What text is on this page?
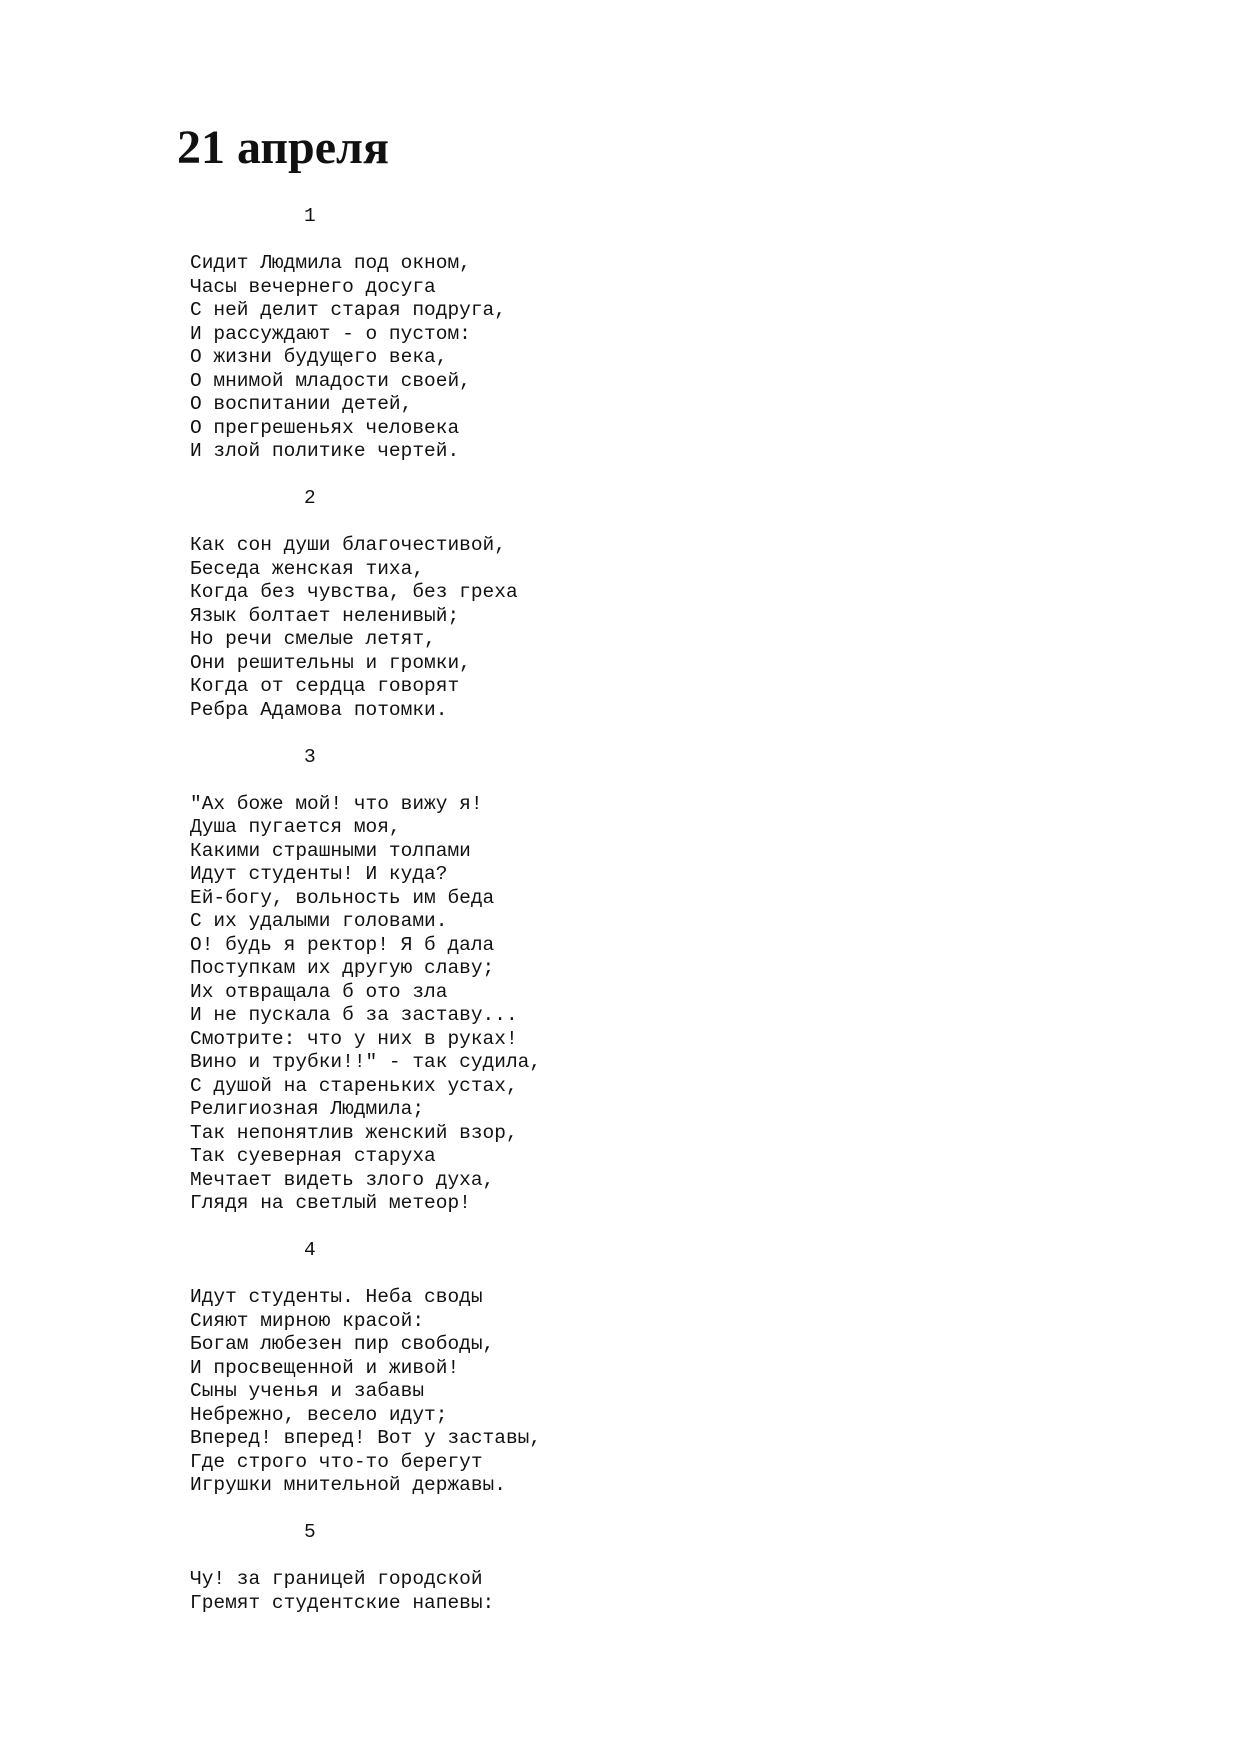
21 апреля
1
Сидит Людмила под окном,
Часы вечернего досуга
С ней делит старая подруга,
И рассуждают - о пустом:
О жизни будущего века,
О мнимой младости своей,
О воспитании детей,
О прегрешеньях человека
И злой политике чертей.
2
Как сон души благочестивой,
Беседа женская тиха,
Когда без чувства, без греха
Язык болтает неленивый;
Но речи смелые летят,
Они решительны и громки,
Когда от сердца говорят
Ребра Адамова потомки.
3
"Ах боже мой! что вижу я!
Душа пугается моя,
Какими страшными толпами
Идут студенты! И куда?
Ей-богу, вольность им беда
С их удалыми головами.
О! будь я ректор! Я б дала
Поступкам их другую славу;
Их отвращала б ото зла
И не пускала б за заставу...
Смотрите: что у них в руках!
Вино и трубки!!" - так судила,
С душой на стареньких устах,
Религиозная Людмила;
Так непонятлив женский взор,
Так суеверная старуха
Мечтает видеть злого духа,
Глядя на светлый метеор!
4
Идут студенты. Неба своды
Сияют мирною красой:
Богам любезен пир свободы,
И просвещенной и живой!
Сыны ученья и забавы
Небрежно, весело идут;
Вперед! вперед! Вот у заставы,
Где строго что-то берегут
Игрушки мнительной державы.
5
Чу! за границей городской
Гремят студентские напевы:
